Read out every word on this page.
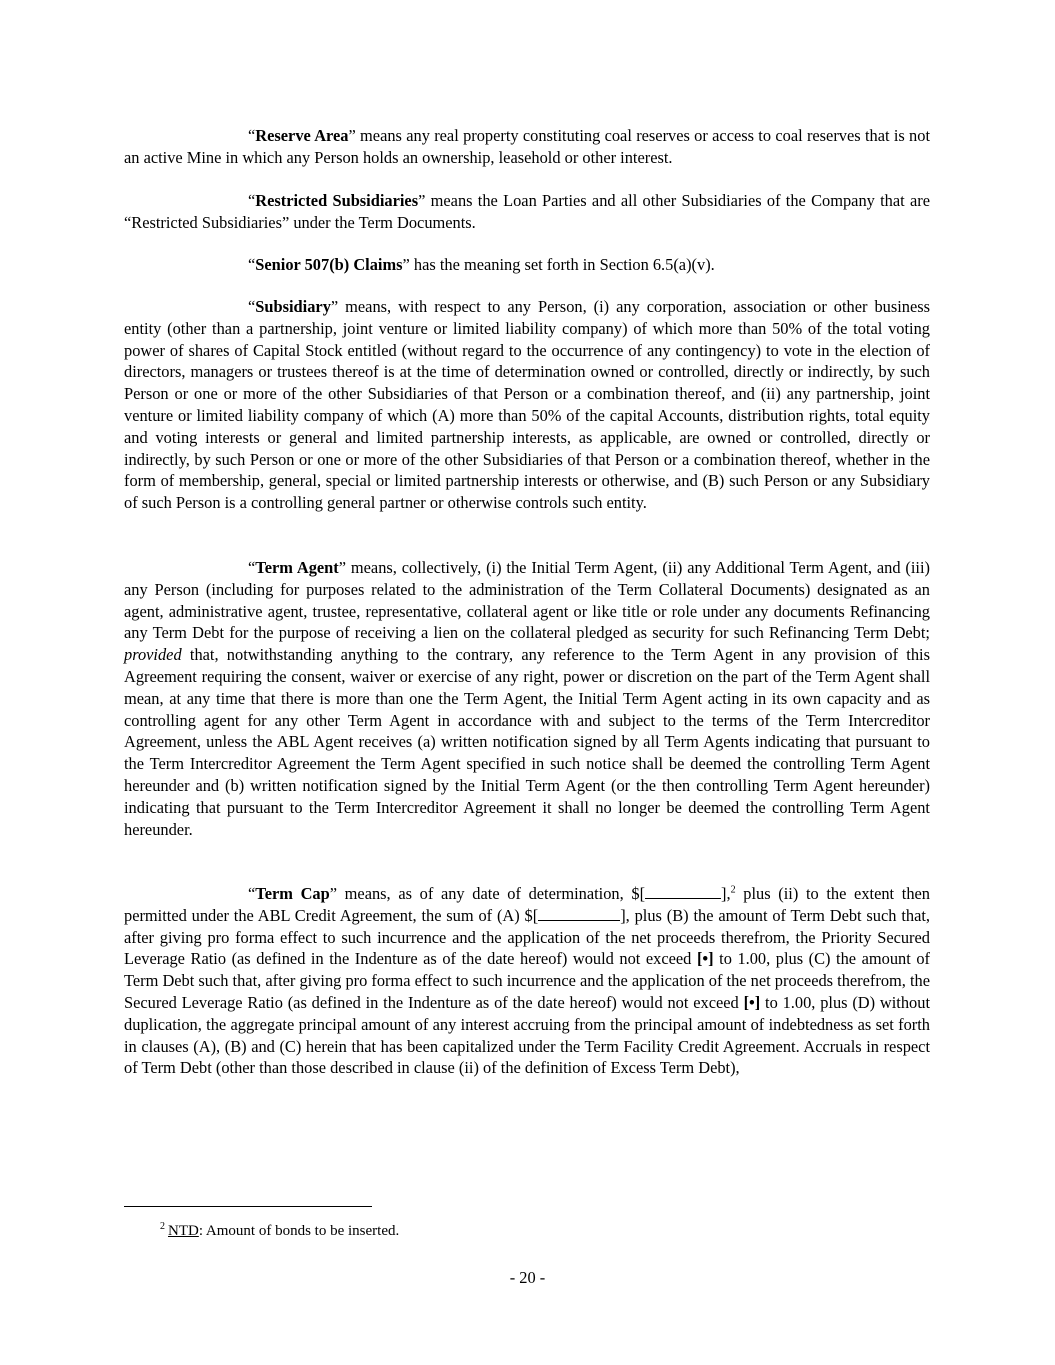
“Reserve Area” means any real property constituting coal reserves or access to coal reserves that is not an active Mine in which any Person holds an ownership, leasehold or other interest.

“Restricted Subsidiaries” means the Loan Parties and all other Subsidiaries of the Company that are “Restricted Subsidiaries” under the Term Documents.

“Senior 507(b) Claims” has the meaning set forth in Section 6.5(a)(v).

“Subsidiary” means, with respect to any Person, (i) any corporation, association or other business entity (other than a partnership, joint venture or limited liability company) of which more than 50% of the total voting power of shares of Capital Stock entitled (without regard to the occurrence of any contingency) to vote in the election of directors, managers or trustees thereof is at the time of determination owned or controlled, directly or indirectly, by such Person or one or more of the other Subsidiaries of that Person or a combination thereof, and (ii) any partnership, joint venture or limited liability company of which (A) more than 50% of the capital Accounts, distribution rights, total equity and voting interests or general and limited partnership interests, as applicable, are owned or controlled, directly or indirectly, by such Person or one or more of the other Subsidiaries of that Person or a combination thereof, whether in the form of membership, general, special or limited partnership interests or otherwise, and (B) such Person or any Subsidiary of such Person is a controlling general partner or otherwise controls such entity.

“Term Agent” means, collectively, (i) the Initial Term Agent, (ii) any Additional Term Agent, and (iii) any Person (including for purposes related to the administration of the Term Collateral Documents) designated as an agent, administrative agent, trustee, representative, collateral agent or like title or role under any documents Refinancing any Term Debt for the purpose of receiving a lien on the collateral pledged as security for such Refinancing Term Debt; provided that, notwithstanding anything to the contrary, any reference to the Term Agent in any provision of this Agreement requiring the consent, waiver or exercise of any right, power or discretion on the part of the Term Agent shall mean, at any time that there is more than one the Term Agent, the Initial Term Agent acting in its own capacity and as controlling agent for any other Term Agent in accordance with and subject to the terms of the Term Intercreditor Agreement, unless the ABL Agent receives (a) written notification signed by all Term Agents indicating that pursuant to the Term Intercreditor Agreement the Term Agent specified in such notice shall be deemed the controlling Term Agent hereunder and (b) written notification signed by the Initial Term Agent (or the then controlling Term Agent hereunder) indicating that pursuant to the Term Intercreditor Agreement it shall no longer be deemed the controlling Term Agent hereunder.

“Term Cap” means, as of any date of determination, $[	],$^2$ plus (ii) to the extent then permitted under the ABL Credit Agreement, the sum of (A) $[	], plus (B) the amount of Term Debt such that, after giving pro forma effect to such incurrence and the application of the net proceeds therefrom, the Priority Secured Leverage Ratio (as defined in the Indenture as of the date hereof) would not exceed [•] to 1.00, plus (C) the amount of Term Debt such that, after giving pro forma effect to such incurrence and the application of the net proceeds therefrom, the Secured Leverage Ratio (as defined in the Indenture as of the date hereof) would not exceed [•] to 1.00, plus (D) without duplication, the aggregate principal amount of any interest accruing from the principal amount of indebtedness as set forth in clauses (A), (B) and (C) herein that has been capitalized under the Term Facility Credit Agreement. Accruals in respect of Term Debt (other than those described in clause (ii) of the definition of Excess Term Debt),

$^2$ NTD: Amount of bonds to be inserted.

- 20 -
